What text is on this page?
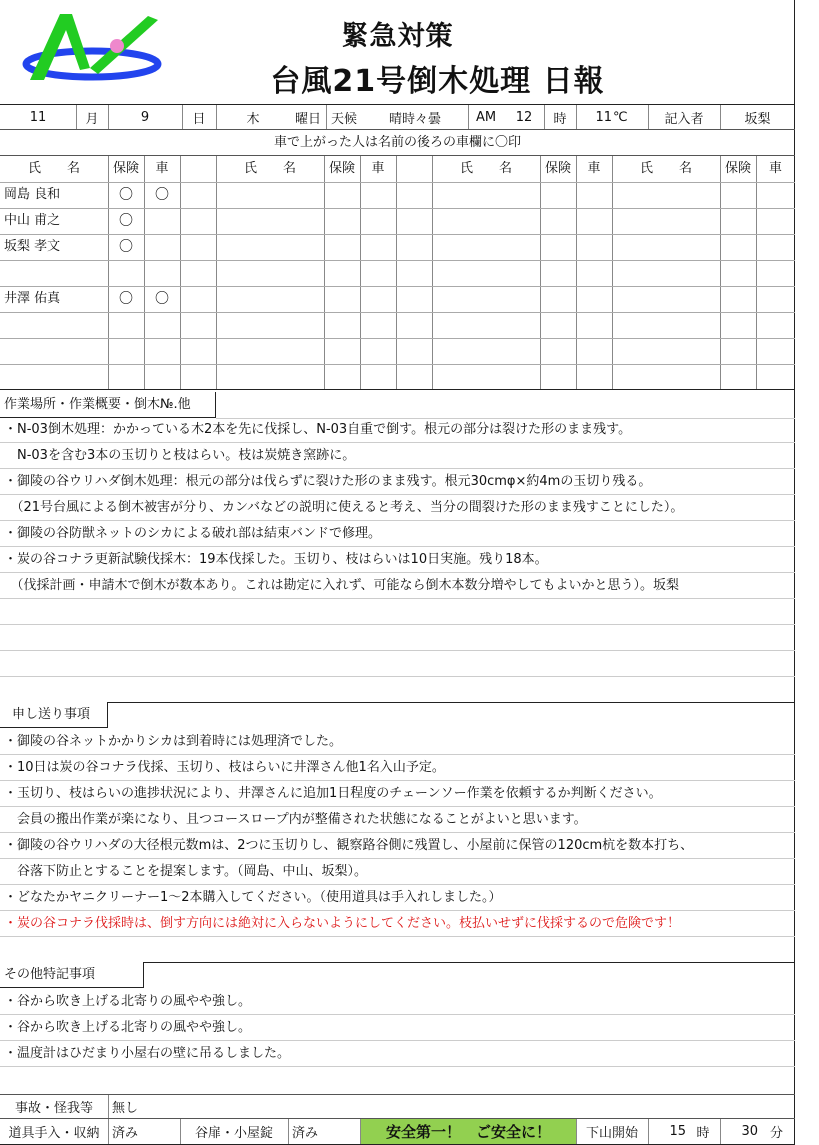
緊急対策
台風21号倒木処理 日報
11	月	9	日	木	曜日 天候	晴時々曇	AM	12	時	11 ℃	記入者	坂梨
車で上がった人は名前の後ろの車欄に〇印
氏　　名	保険	車	氏　　名	保険	車	氏　　名	保険	車	氏　　名	保険	車
岡島 良和	〇	〇
中山 甫之	〇
坂梨 孝文	〇
井澤 佑真	〇	〇
作業場所・作業概要・倒木№.他
・N-03倒木処理：かかっている木2本を先に伐採し、N-03自重で倒す。根元の部分は裂けた形のまま残す。
　N-03を含む3本の玉切りと枝はらい。枝は炭焼き窯跡に。
・御陵の谷ウリハダ倒木処理：根元の部分は伐らずに裂けた形のまま残す。根元30cmφ×約4mの玉切り残る。
　（21号台風による倒木被害が分り、カンバなどの説明に使えると考え、当分の間裂けた形のまま残すことにした）。
・御陵の谷防獣ネットのシカによる破れ部は結束バンドで修理。
・炭の谷コナラ更新試験伐採木：19本伐採した。玉切り、枝はらいは10日実施。残り18本。
　（伐採計画・申請木で倒木が数本あり。これは勘定に入れず、可能なら倒木本数分増やしてもよいかと思う）。坂梨
申し送り事項
・御陵の谷ネットかかりシカは到着時には処理済でした。
・10日は炭の谷コナラ伐採、玉切り、枝はらいに井澤さん他1名入山予定。
・玉切り、枝はらいの進捗状況により、井澤さんに追加1日程度のチェーンソー作業を依頼するか判断ください。
　会員の搬出作業が楽になり、且つコースロープ内が整備された状態になることがよいと思います。
・御陵の谷ウリハダの大径根元数mは、2つに玉切りし、観察路谷側に残置し、小屋前に保管の120cm杭を数本打ち、
　谷落下防止とすることを提案します。（岡島、中山、坂梨）。
・どなたかヤニクリーナー1～2本購入してください。（使用道具は手入れしました。）
・炭の谷コナラ伐採時は、倒す方向には絶対に入らないようにしてください。枝払いせずに伐採するので危険です！
その他特記事項
・谷から吹き上げる北寄りの風やや強し。
・谷から吹き上げる北寄りの風やや強し。
・温度計はひだまり小屋右の壁に吊るしました。
事故・怪我等	無し
道具手入・収納 済み	谷扉・小屋錠	済み	安全第一！　ご安全に！	下山開始	15 時	30 分
